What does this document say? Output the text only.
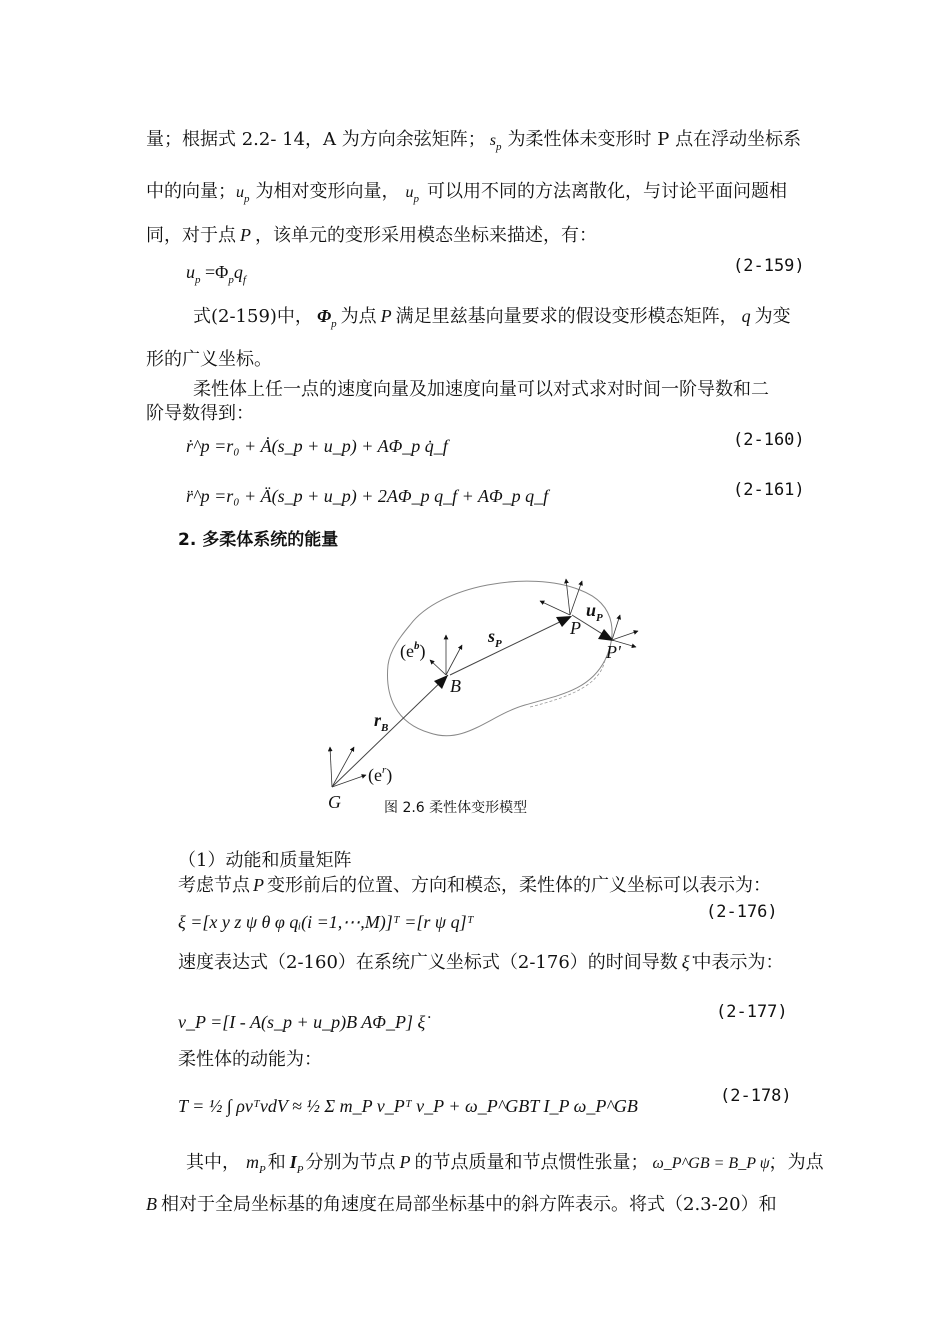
量；根据式 2.2- 14，A 为方向余弦矩阵； $s_p$ 为柔性体未变形时 P 点在浮动坐标系
中的向量；$u_p$ 为相对变形向量， $u_p$ 可以用不同的方法离散化，与讨论平面问题相
同，对于点 P ，该单元的变形采用模态坐标来描述，有：
$u_p =\Phi_pq_f$
(2-159)
式(2-159)中， $\Phi_p$ 为点 P 满足里兹基向量要求的假设变形模态矩阵， q 为变
形的广义坐标。
柔性体上任一点的速度向量及加速度向量可以对式求对时间一阶导数和二
阶导数得到：
ṙ^p =r₀ + Ȧ(s_p + u_p) + AΦ_p q̇_f	(2-160)
r̈^p =r₀ + Ä(s_p + u_p) + 2AΦ_p q_f + AΦ_p q_f	(2-161)
2. 多柔体系统的能量
$(e^b)$
$s_P$
$u_P$
P
P'
B
$r_B$
$(e^r)$
G	图 2.6 柔性体变形模型
（1）动能和质量矩阵
考虑节点 P 变形前后的位置、方向和模态，柔性体的广义坐标可以表示为：
ξ =[x y z ψ θ φ qᵢ(i =1,⋯,M)]ᵀ =[r ψ q]ᵀ	(2-176)
速度表达式（2-160）在系统广义坐标式（2-176）的时间导数 ξ̇ 中表示为：
v_P =[I - A(s_p + u_p)B AΦ_P] ξ̇	(2-177)
柔性体的动能为：
T = ½ ∫ ρvᵀvdV ≈ ½ Σ m_P v_Pᵀ v_P + ω_P^GBT I_P ω_P^GB	(2-178)
其中， $m_P$ 和 $I_P$ 分别为节点 P 的节点质量和节点惯性张量； ω_P^GB = B_P ψ̇，为点
B 相对于全局坐标基的角速度在局部坐标基中的斜方阵表示。将式（2.3-20）和
